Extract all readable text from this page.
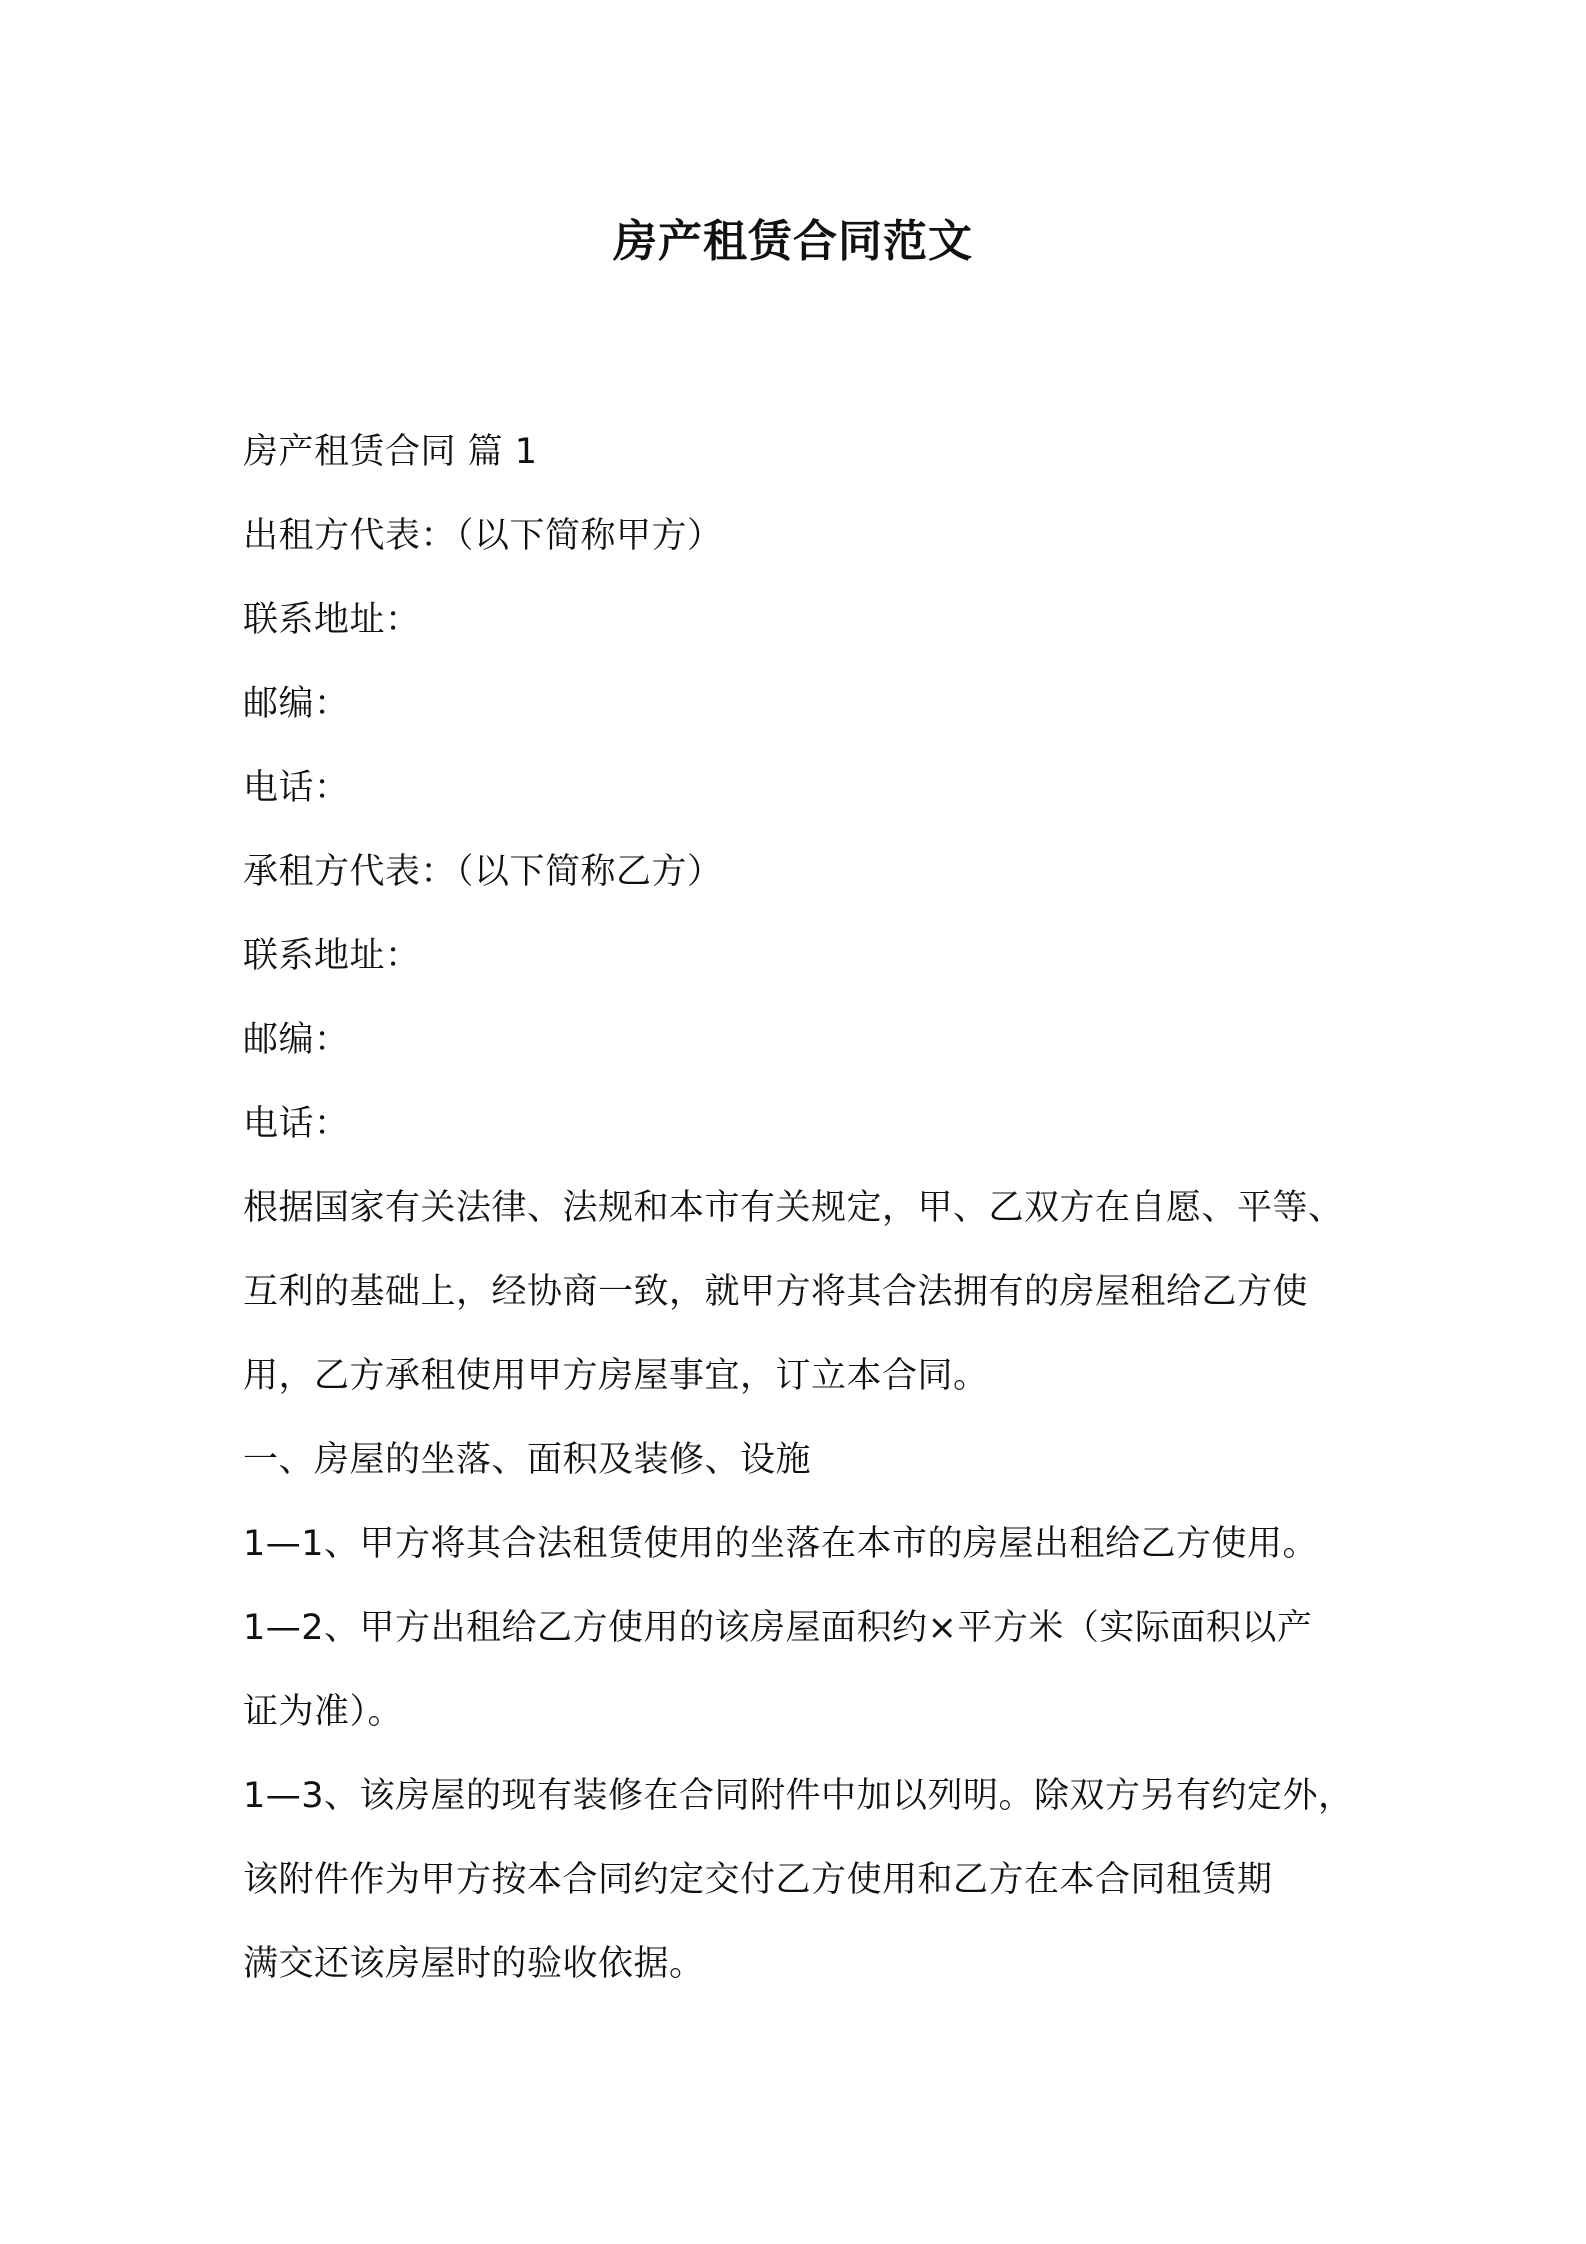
房产租赁合同范文
房产租赁合同 篇 1
出租方代表：（以下简称甲方）
联系地址：
邮编：
电话：
承租方代表：（以下简称乙方）
联系地址：
邮编：
电话：
根据国家有关法律、法规和本市有关规定，甲、乙双方在自愿、平等、
互利的基础上，经协商一致，就甲方将其合法拥有的房屋租给乙方使
用，乙方承租使用甲方房屋事宜，订立本合同。
一、房屋的坐落、面积及装修、设施
1—1、甲方将其合法租赁使用的坐落在本市的房屋出租给乙方使用。
1—2、甲方出租给乙方使用的该房屋面积约×平方米（实际面积以产
证为准）。
1—3、该房屋的现有装修在合同附件中加以列明。除双方另有约定外，
该附件作为甲方按本合同约定交付乙方使用和乙方在本合同租赁期
满交还该房屋时的验收依据。
